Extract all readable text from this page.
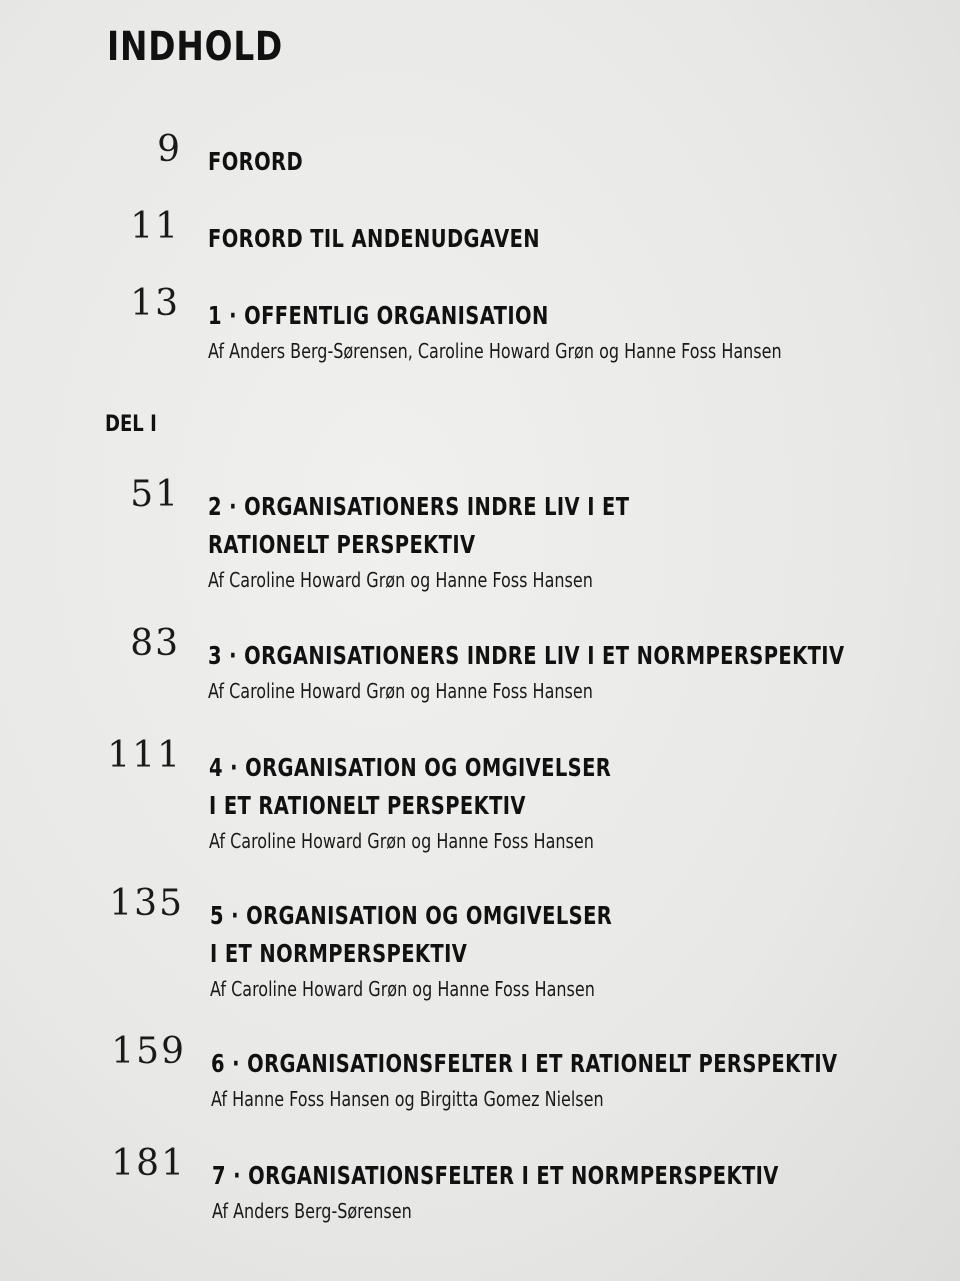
INDHOLD
9 FORORD
11 FORORD TIL ANDENUDGAVEN
13 1 · OFFENTLIG ORGANISATION
Af Anders Berg-Sørensen, Caroline Howard Grøn og Hanne Foss Hansen
DEL I
51 2 · ORGANISATIONERS INDRE LIV I ET
RATIONELT PERSPEKTIV
Af Caroline Howard Grøn og Hanne Foss Hansen
83 3 · ORGANISATIONERS INDRE LIV I ET NORMPERSPEKTIV
Af Caroline Howard Grøn og Hanne Foss Hansen
111 4 · ORGANISATION OG OMGIVELSER
I ET RATIONELT PERSPEKTIV
Af Caroline Howard Grøn og Hanne Foss Hansen
135 5 · ORGANISATION OG OMGIVELSER
I ET NORMPERSPEKTIV
Af Caroline Howard Grøn og Hanne Foss Hansen
159 6 · ORGANISATIONSFELTER I ET RATIONELT PERSPEKTIV
Af Hanne Foss Hansen og Birgitta Gomez Nielsen
181 7 · ORGANISATIONSFELTER I ET NORMPERSPEKTIV
Af Anders Berg-Sørensen
